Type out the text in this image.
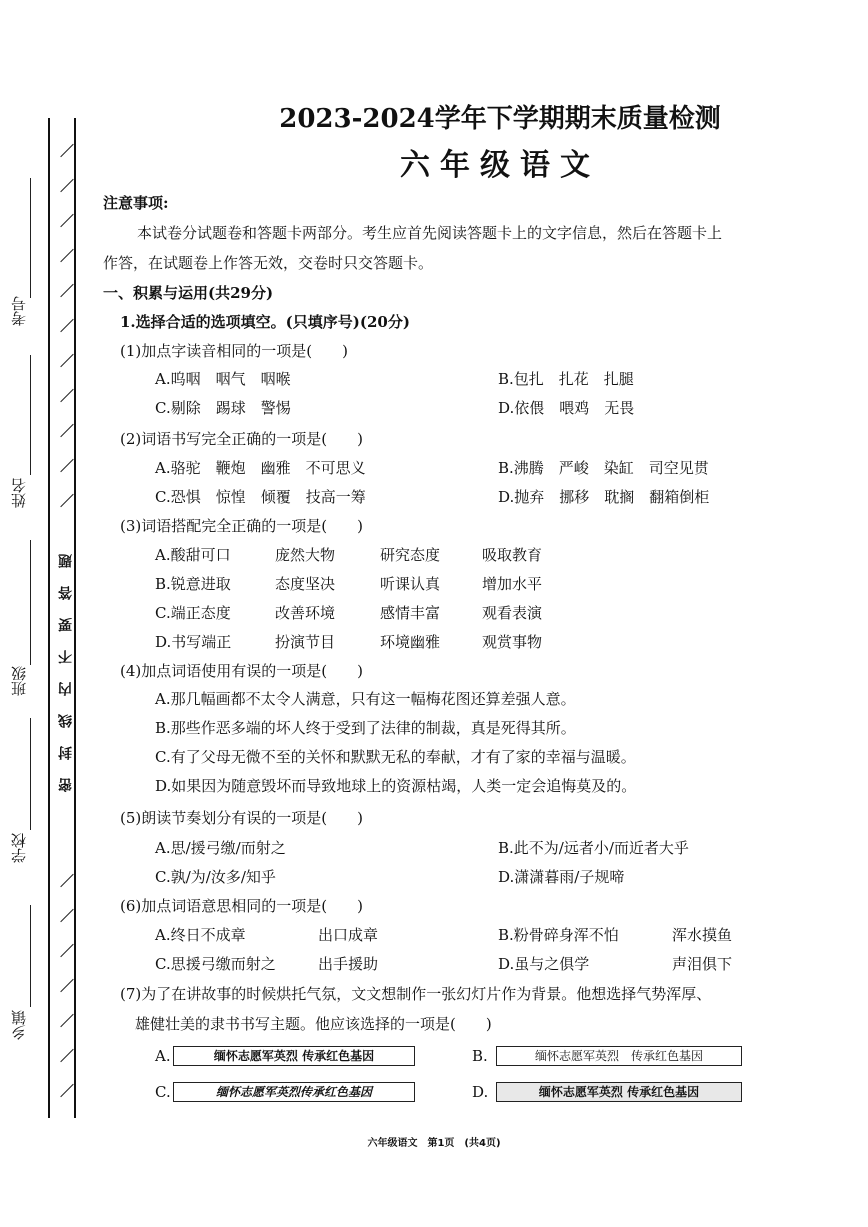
考号
姓名
班级
学校
乡镇
密封线内不要答题
2023-2024学年下学期期末质量检测
六年级语文
注意事项:
本试卷分试题卷和答题卡两部分。考生应首先阅读答题卡上的文字信息，然后在答题卡上
作答，在试题卷上作答无效，交卷时只交答题卡。
一、积累与运用(共29分)
1.选择合适的选项填空。(只填序号)(20分)
(1)加点字读音相同的一项是(　　)
A.呜咽　咽气　咽喉	B.包扎　扎花　扎腿
C.剔除　踢球　警惕	D.依偎　喂鸡　无畏
(2)词语书写完全正确的一项是(　　)
A.骆驼　鞭炮　幽雅　不可思义	B.沸腾　严峻　染缸　司空见贯
C.恐惧　惊惶　倾覆　技高一筹	D.抛弃　挪移　耽搁　翻箱倒柜
(3)词语搭配完全正确的一项是(　　)
A.酸甜可口	庞然大物	研究态度	吸取教育
B.锐意进取	态度坚决	听课认真	增加水平
C.端正态度	改善环境	感情丰富	观看表演
D.书写端正	扮演节目	环境幽雅	观赏事物
(4)加点词语使用有误的一项是(　　)
A.那几幅画都不太令人满意，只有这一幅梅花图还算差强人意。
B.那些作恶多端的坏人终于受到了法律的制裁，真是死得其所。
C.有了父母无微不至的关怀和默默无私的奉献，才有了家的幸福与温暖。
D.如果因为随意毁坏而导致地球上的资源枯竭，人类一定会追悔莫及的。
(5)朗读节奏划分有误的一项是(　　)
A.思/援弓缴/而射之	B.此不为/远者小/而近者大乎
C.孰/为/汝多/知乎	D.潇潇暮雨/子规啼
(6)加点词语意思相同的一项是(　　)
A.终日不成章	出口成章	B.粉骨碎身浑不怕	浑水摸鱼
C.思援弓缴而射之	出手援助	D.虽与之俱学	声泪俱下
(7)为了在讲故事的时候烘托气氛，文文想制作一张幻灯片作为背景。他想选择气势浑厚、
雄健壮美的隶书书写主题。他应该选择的一项是(　　)
A.	缅怀志愿军英烈 传承红色基因	B.	缅怀志愿军英烈　传承红色基因
C.	缅怀志愿军英烈传承红色基因	D.	缅怀志愿军英烈 传承红色基因
六年级语文　第1页　(共4页)
